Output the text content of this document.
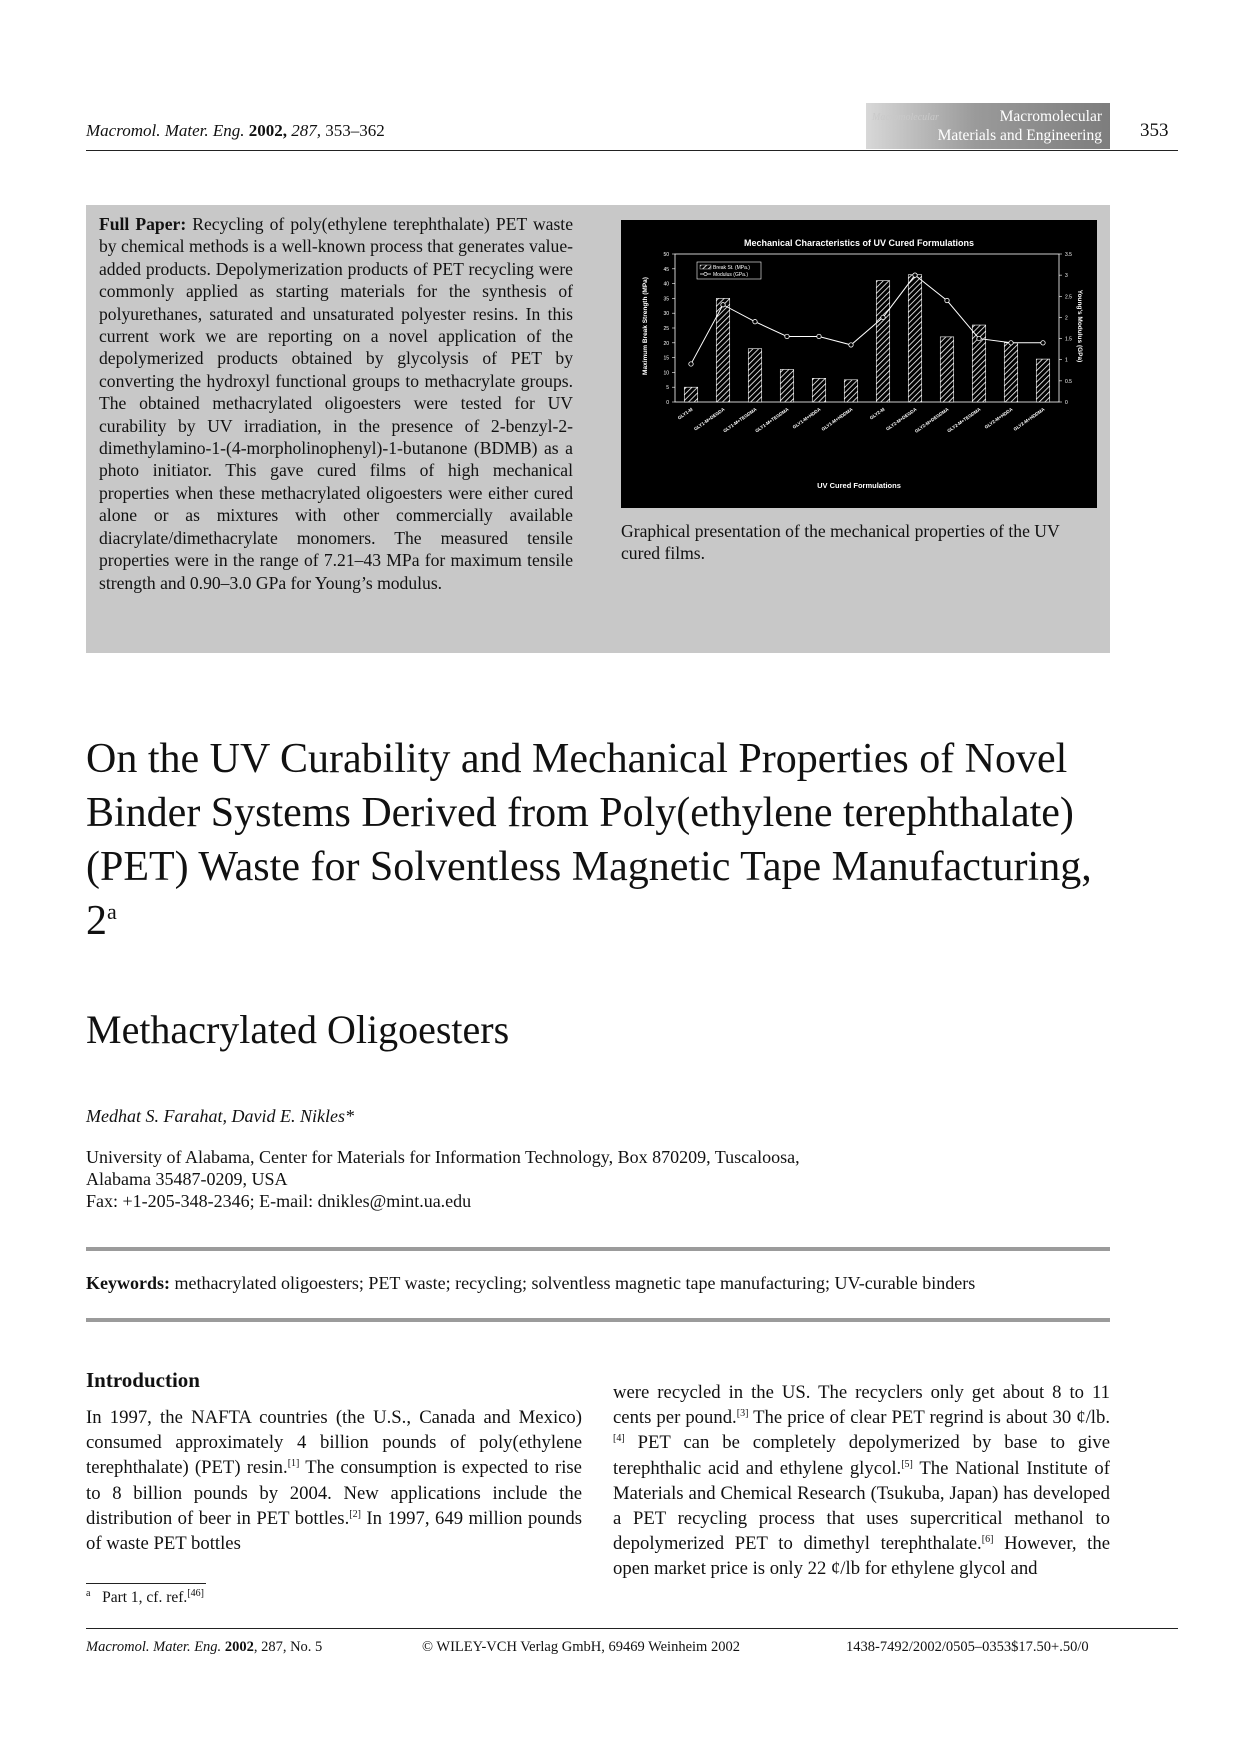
Macromol. Mater. Eng. 2002, 287, 353–362
Macromolecular	Macromolecular
Materials and Engineering 353
Full Paper: Recycling of poly(ethylene terephthalate) PET waste by chemical methods is a well-known process that generates value-added products. Depolymerization products of PET recycling were commonly applied as starting materials for the synthesis of polyurethanes, saturated and unsaturated polyester resins. In this current work we are reporting on a novel application of the depolymerized products obtained by glycolysis of PET by converting the hydroxyl functional groups to methacrylate groups. The obtained methacrylated oligoesters were tested for UV curability by UV irradiation, in the presence of 2-benzyl-2-dimethylamino-1-(4-morpholinophenyl)-1-butanone (BDMB) as a photo initiator. This gave cured films of high mechanical properties when these methacrylated oligoesters were either cured alone or as mixtures with other commercially available diacrylate/dimethacrylate monomers. The measured tensile properties were in the range of 7.21–43 MPa for maximum tensile strength and 0.90–3.0 GPa for Young’s modulus.
Mechanical Characteristics of UV Cured Formulations
Maximum Break Strength (MPa)	Young's Modulus (GPa)
UV Cured Formulations
0
5
10
15
20
25
30
35
40
45
50
0
0.5
1
1.5
2
2.5
3
3.5
GLY1-M GLY1-M+DEGDA
GLY1-M+TEGDMA
GLY1-M+TEGDMA GLY1-M+HDDA GLY1-M+HDDMA	GLY2-M GLY2-M+DEGDA
GLY2-M+DEGDMA
GLY2-M+TEGDMA GLY2-M+HDDA GLY2-M+HDDMA
Break St. (MPa.)
Modulus (GPa.)
Graphical presentation of the mechanical properties of the UV cured films.
On the UV Curability and Mechanical Properties of Novel Binder Systems Derived from Poly(ethylene terephthalate) (PET) Waste for Solventless Magnetic Tape Manufacturing, 2$^a$
Methacrylated Oligoesters
Medhat S. Farahat, David E. Nikles*
University of Alabama, Center for Materials for Information Technology, Box 870209, Tuscaloosa,
Alabama 35487-0209, USA
Fax: +1-205-348-2346; E-mail: dnikles@mint.ua.edu
Keywords: methacrylated oligoesters; PET waste; recycling; solventless magnetic tape manufacturing; UV-curable binders
Introduction
In 1997, the NAFTA countries (the U.S., Canada and Mexico) consumed approximately 4 billion pounds of poly(ethylene terephthalate) (PET) resin.[1] The consumption is expected to rise to 8 billion pounds by 2004. New applications include the distribution of beer in PET bottles.[2] In 1997, 649 million pounds of waste PET bottles
were recycled in the US. The recyclers only get about 8 to 11 cents per pound.[3] The price of clear PET regrind is about 30 ¢/lb.[4] PET can be completely depolymerized by base to give terephthalic acid and ethylene glycol.[5] The National Institute of Materials and Chemical Research (Tsukuba, Japan) has developed a PET recycling process that uses supercritical methanol to depolymerized PET to dimethyl terephthalate.[6] However, the open market price is only 22 ¢/lb for ethylene glycol and
$^a$ Part 1, cf. ref.[46]
Macromol. Mater. Eng. 2002, 287, No. 5	© WILEY-VCH Verlag GmbH, 69469 Weinheim 2002	1438-7492/2002/0505–0353$17.50+.50/0
